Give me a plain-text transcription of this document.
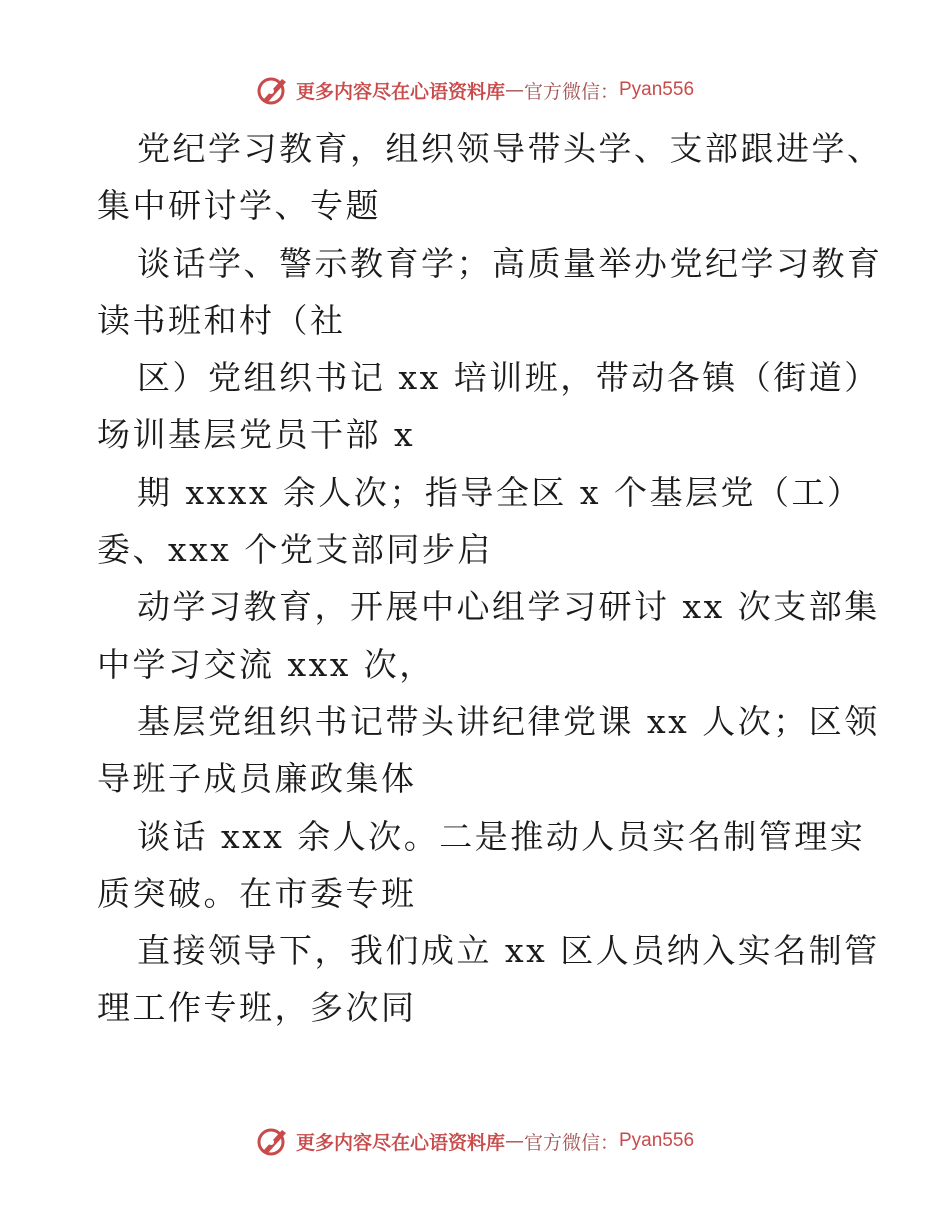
更多内容尽在心语资料库 — 官方微信： Pyan556
党纪学习教育，组织领导带头学、支部跟进学、
集中研讨学、专题
谈话学、警示教育学；高质量举办党纪学习教育
读书班和村（社
区）党组织书记 xx 培训班，带动各镇（街道）
场训基层党员干部 x
期 xxxx 余人次；指导全区 x 个基层党（工）
委、xxx 个党支部同步启
动学习教育，开展中心组学习研讨 xx 次支部集
中学习交流 xxx 次，
基层党组织书记带头讲纪律党课 xx 人次；区领
导班子成员廉政集体
谈话 xxx 余人次。二是推动人员实名制管理实
质突破。在市委专班
直接领导下，我们成立 xx 区人员纳入实名制管
理工作专班，多次同
更多内容尽在心语资料库 — 官方微信： Pyan556
